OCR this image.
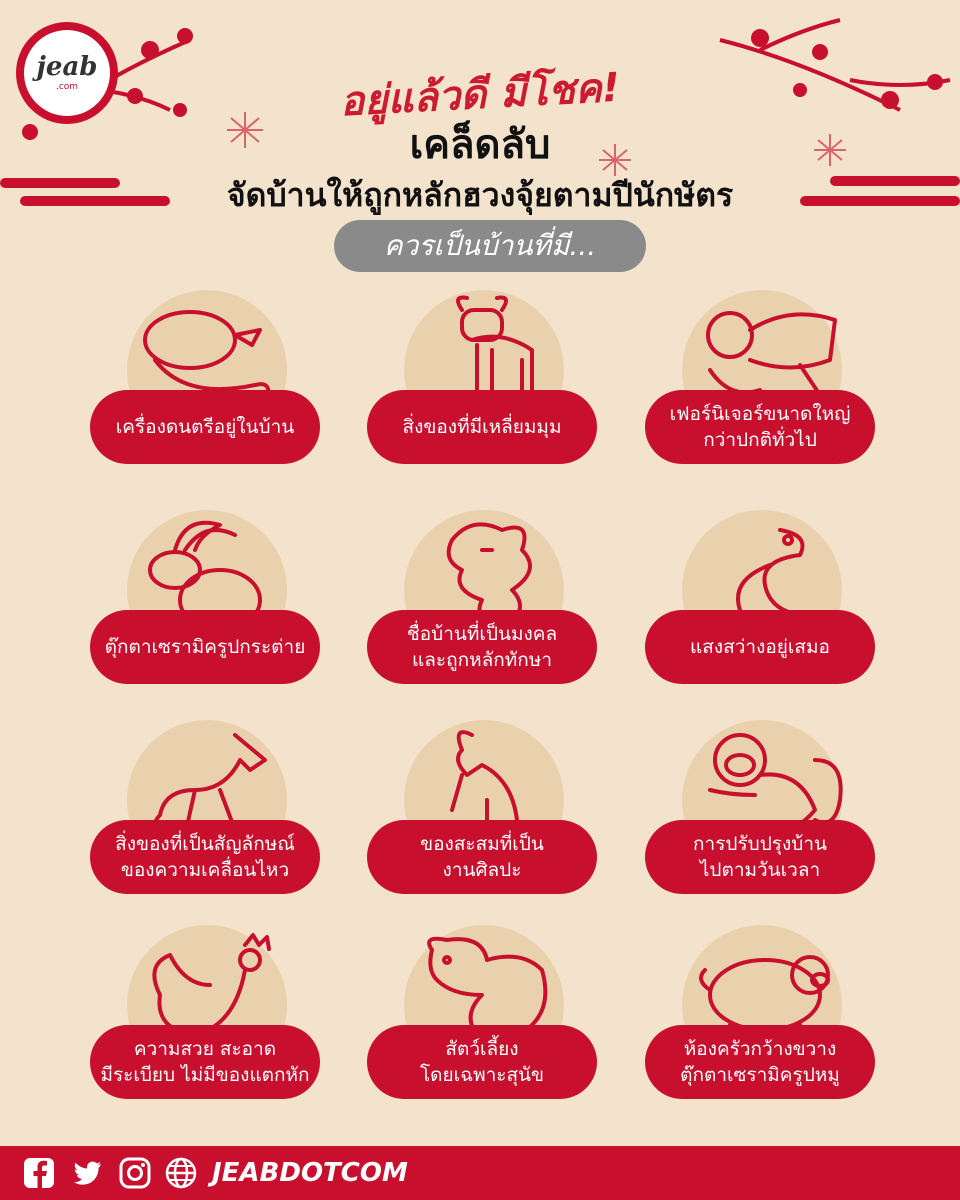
jeab
.com	อยู่แล้วดี มีโชค!
เคล็ดลับ
จัดบ้านให้ถูกหลักฮวงจุ้ยตามปีนักษัตร
ควรเป็นบ้านที่มี...
เครื่องดนตรีอยู่ในบ้าน	สิ่งของที่มีเหลี่ยมมุม
เฟอร์นิเจอร์ขนาดใหญ่
กว่าปกติทั่วไป
ตุ๊กตาเซรามิครูปกระต่าย
ชื่อบ้านที่เป็นมงคล
และถูกหลักทักษา
แสงสว่างอยู่เสมอ
สิ่งของที่เป็นสัญลักษณ์
ของความเคลื่อนไหว
ของสะสมที่เป็น
งานศิลปะ
การปรับปรุงบ้าน
ไปตามวันเวลา
ความสวย สะอาด
มีระเบียบ ไม่มีของแตกหัก
สัตว์เลี้ยง
โดยเฉพาะสุนัข
ห้องครัวกว้างขวาง
ตุ๊กตาเซรามิครูปหมู
JEABDOTCOM
